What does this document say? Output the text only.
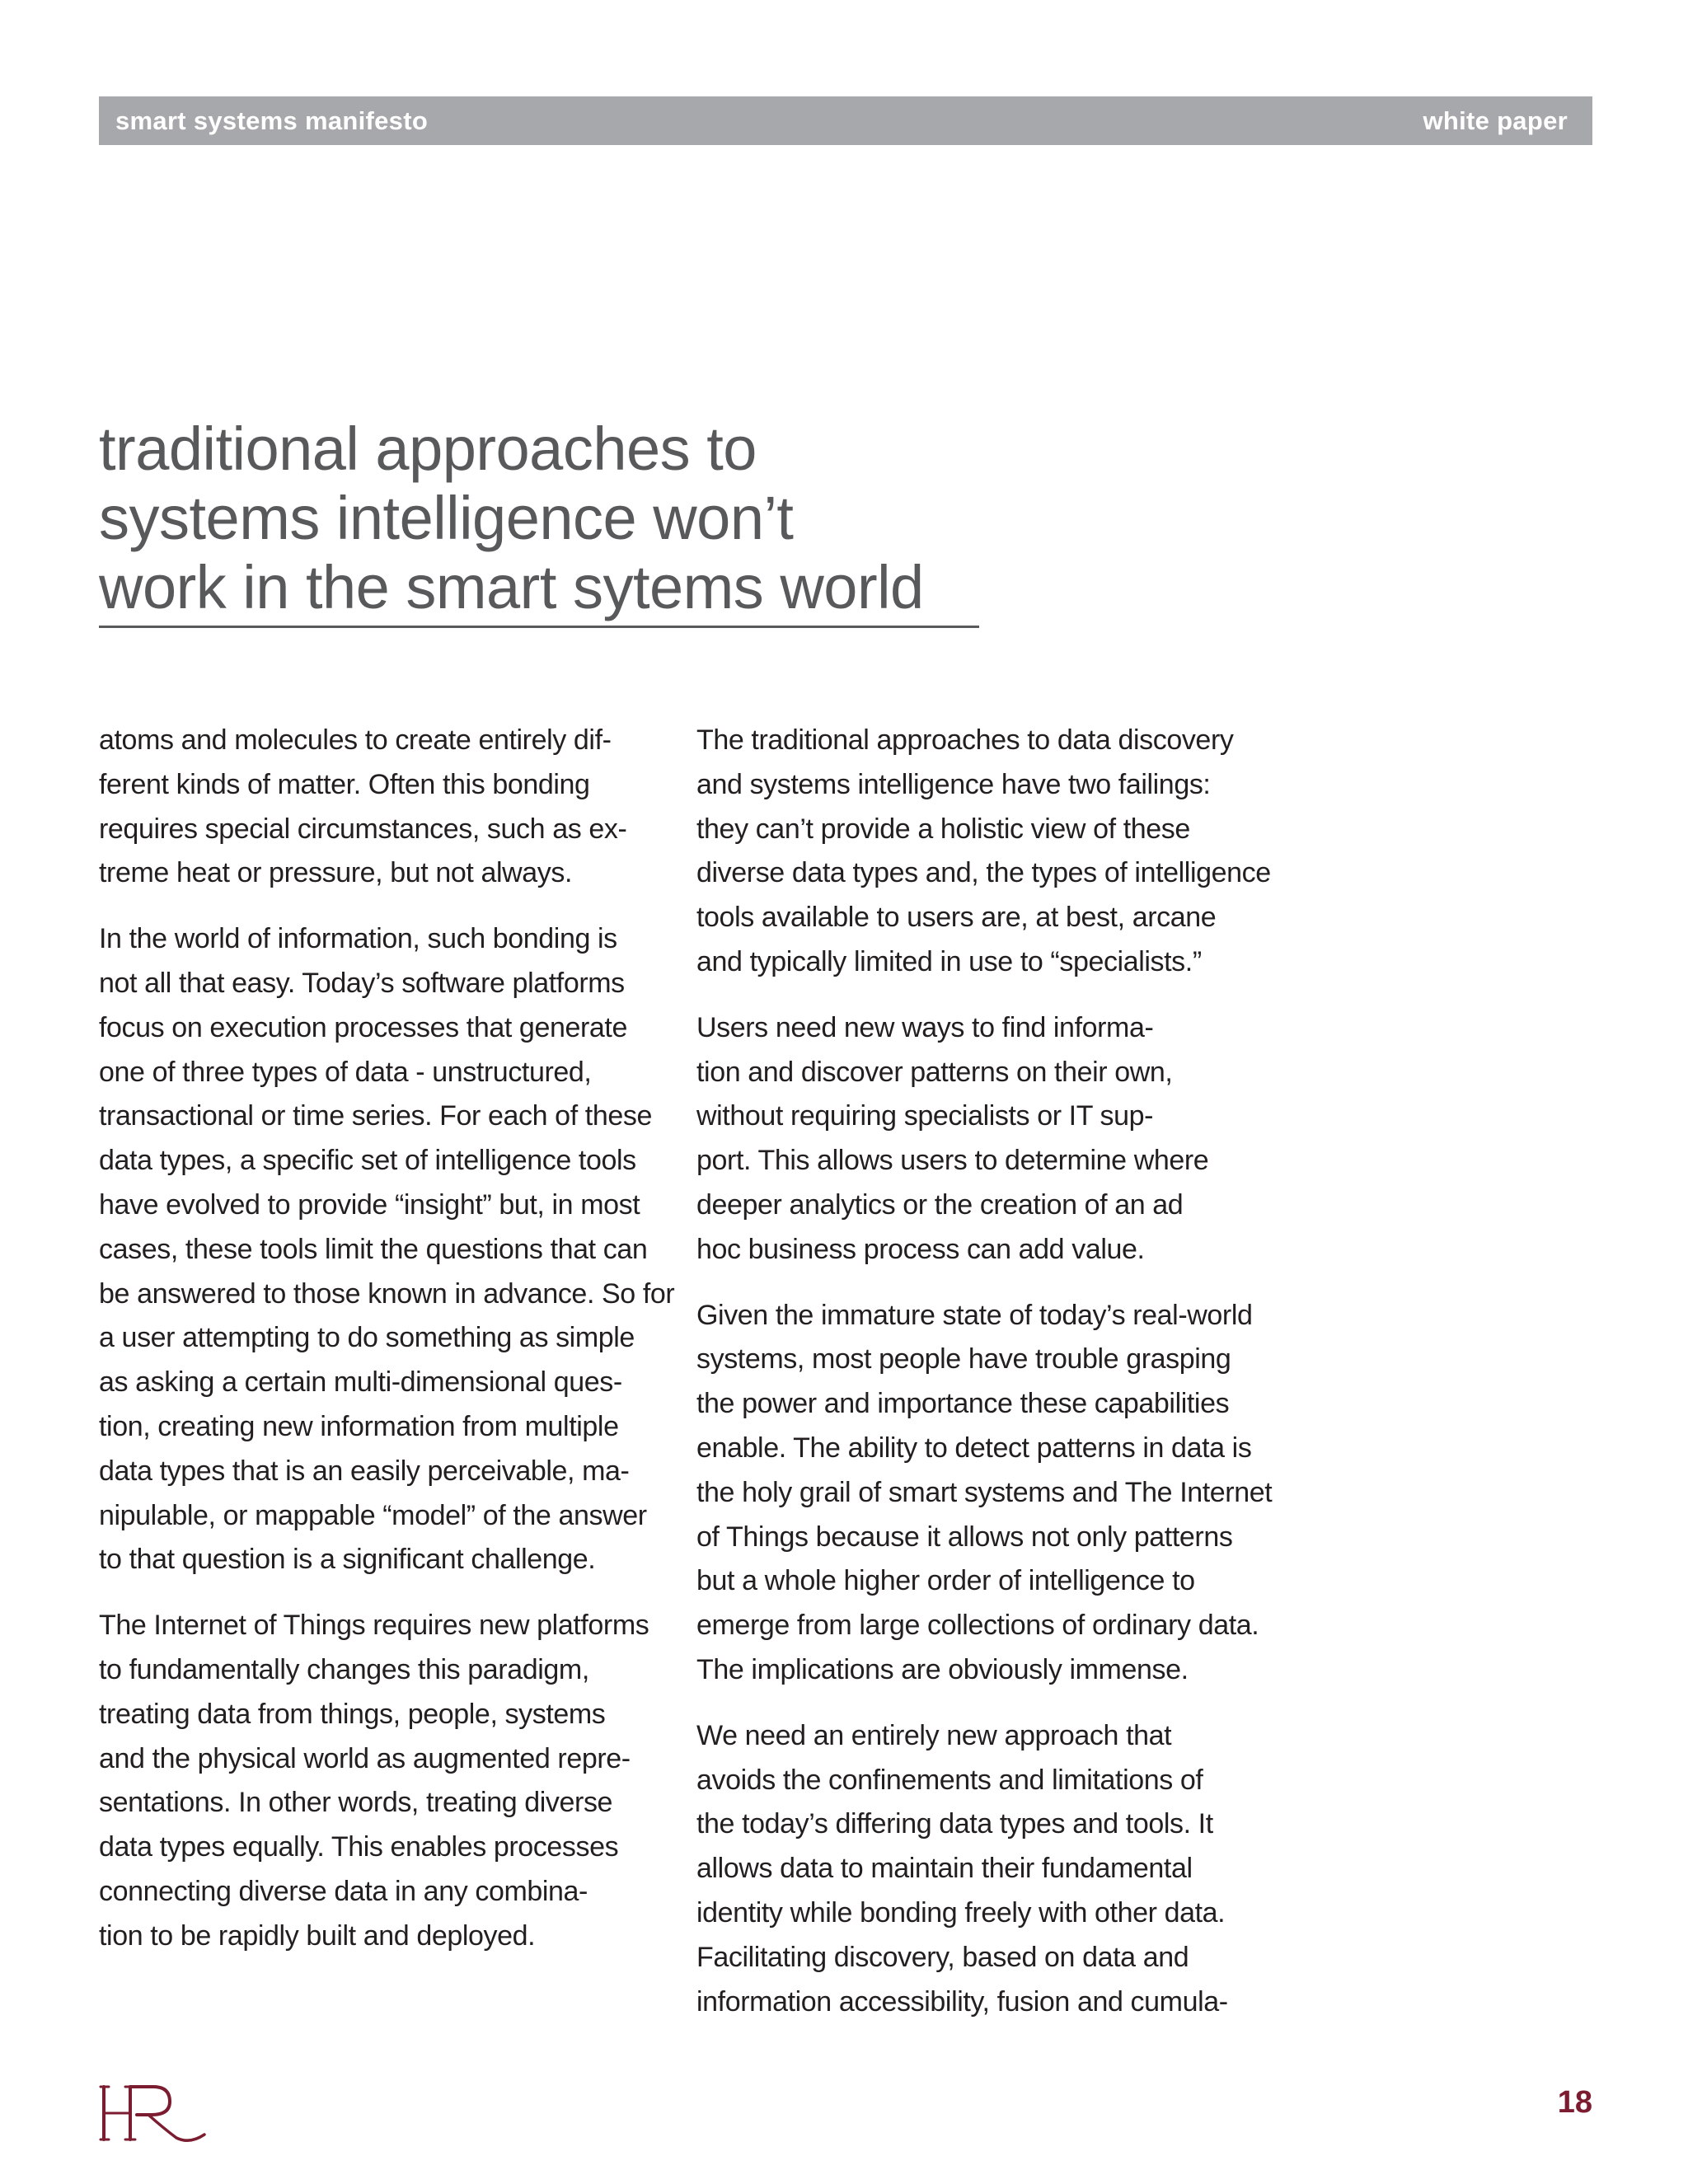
smart systems manifesto	white paper
traditional approaches to
systems intelligence won’t
work in the smart sytems world

atoms and molecules to create entirely dif-
ferent kinds of matter. Often this bonding
requires special circumstances, such as ex-
treme heat or pressure, but not always.

In the world of information, such bonding is
not all that easy. Today’s software platforms
focus on execution processes that generate
one of three types of data - unstructured,
transactional or time series. For each of these
data types, a specific set of intelligence tools
have evolved to provide “insight” but, in most
cases, these tools limit the questions that can
be answered to those known in advance. So for
a user attempting to do something as simple
as asking a certain multi-dimensional ques-
tion, creating new information from multiple
data types that is an easily perceivable, ma-
nipulable, or mappable “model” of the answer
to that question is a significant challenge.

The Internet of Things requires new platforms
to fundamentally changes this paradigm,
treating data from things, people, systems
and the physical world as augmented repre-
sentations. In other words, treating diverse
data types equally. This enables processes
connecting diverse data in any combina-
tion to be rapidly built and deployed.

The traditional approaches to data discovery
and systems intelligence have two failings:
they can’t provide a holistic view of these
diverse data types and, the types of intelligence
tools available to users are, at best, arcane
and typically limited in use to “specialists.”

Users need new ways to find informa-
tion and discover patterns on their own,
without requiring specialists or IT sup-
port. This allows users to determine where
deeper analytics or the creation of an ad
hoc business process can add value.

Given the immature state of today’s real-world
systems, most people have trouble grasping
the power and importance these capabilities
enable. The ability to detect patterns in data is
the holy grail of smart systems and The Internet
of Things because it allows not only patterns
but a whole higher order of intelligence to
emerge from large collections of ordinary data.
The implications are obviously immense.

We need an entirely new approach that
avoids the confinements and limitations of
the today’s differing data types and tools. It
allows data to maintain their fundamental
identity while bonding freely with other data.
Facilitating discovery, based on data and
information accessibility, fusion and cumula-

18
